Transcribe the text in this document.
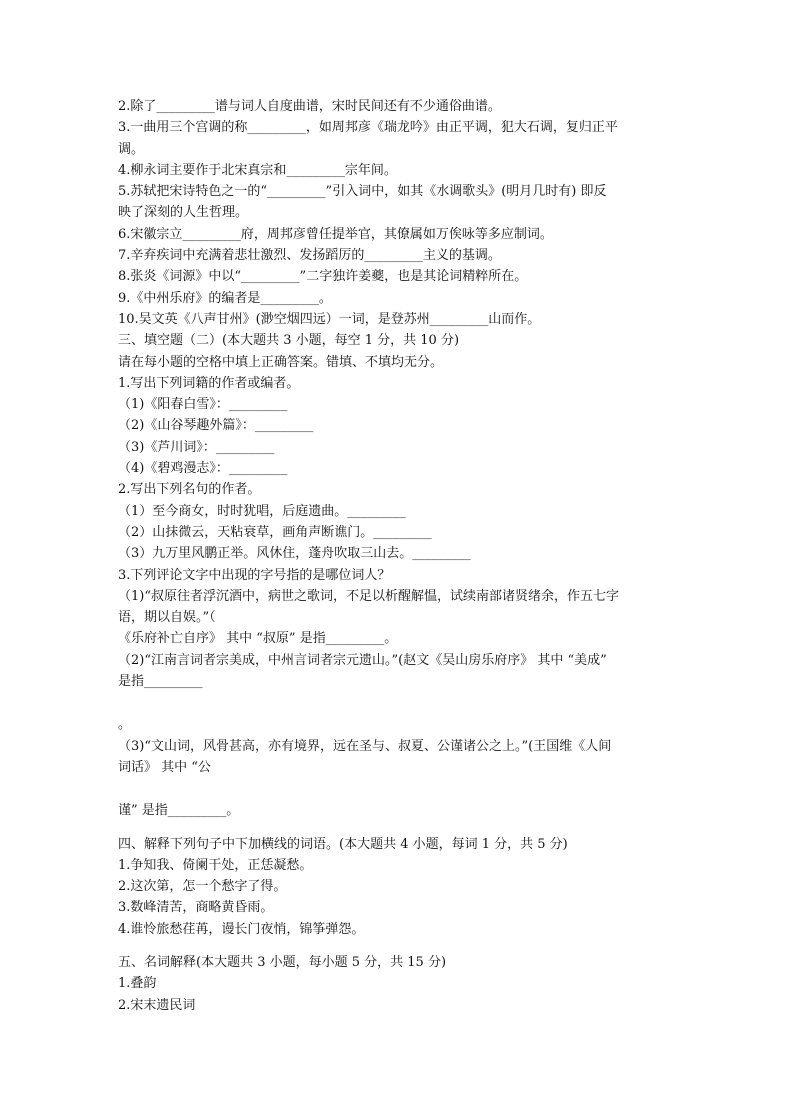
2.除了_________谱与词人自度曲谱，宋时民间还有不少通俗曲谱。
3.一曲用三个宫调的称_________，如周邦彦《瑞龙吟》由正平调，犯大石调，复归正平
调。
4.柳永词主要作于北宋真宗和_________宗年间。
5.苏轼把宋诗特色之一的“_________”引入词中，如其《水调歌头》(明月几时有) 即反
映了深刻的人生哲理。
6.宋徽宗立_________府，周邦彦曾任提举官，其僚属如万俟咏等多应制词。
7.辛弃疾词中充满着悲壮激烈、发扬蹈厉的_________主义的基调。
8.张炎《词源》中以“_________”二字独许姜夔，也是其论词精粹所在。
9.《中州乐府》的编者是_________。
10.吴文英《八声甘州》(渺空烟四远）一词，是登苏州_________山而作。
三、填空题（二）(本大题共 3 小题，每空 1 分，共 10 分)
请在每小题的空格中填上正确答案。错填、不填均无分。
1.写出下列词籍的作者或编者。
（1)《阳春白雪》：_________
（2)《山谷琴趣外篇》：_________
（3)《芦川词》：_________
（4)《碧鸡漫志》：_________
2.写出下列名句的作者。
（1）至今商女，时时犹唱，后庭遗曲。_________
（2）山抹微云，天粘衰草，画角声断谯门。_________
（3）九万里风鹏正举。风休住，蓬舟吹取三山去。_________
3.下列评论文字中出现的字号指的是哪位词人？
（1)“叔原往者浮沉酒中，病世之歌词，不足以析醒解愠，试续南部诸贤绪余，作五七字
语，期以自娱。”（
《乐府补亡自序》 其中 “叔原” 是指_________。
（2)“江南言词者宗美成，中州言词者宗元遗山。”(赵文《吴山房乐府序》 其中 “美成”
是指_________
。
（3)“文山词，风骨甚高，亦有境界，远在圣与、叔夏、公谨诸公之上。”(王国维《人间
词话》 其中 “公
谨” 是指_________。
四、解释下列句子中下加横线的词语。(本大题共 4 小题，每词 1 分，共 5 分)
1.争知我、倚阑干处，正恁凝愁。
2.这次第，怎一个愁字了得。
3.数峰清苦，商略黄昏雨。
4.谁怜旅愁荏苒，谩长门夜悄，锦筝弹怨。
五、名词解释(本大题共 3 小题，每小题 5 分，共 15 分)
1.叠韵
2.宋末遗民词
